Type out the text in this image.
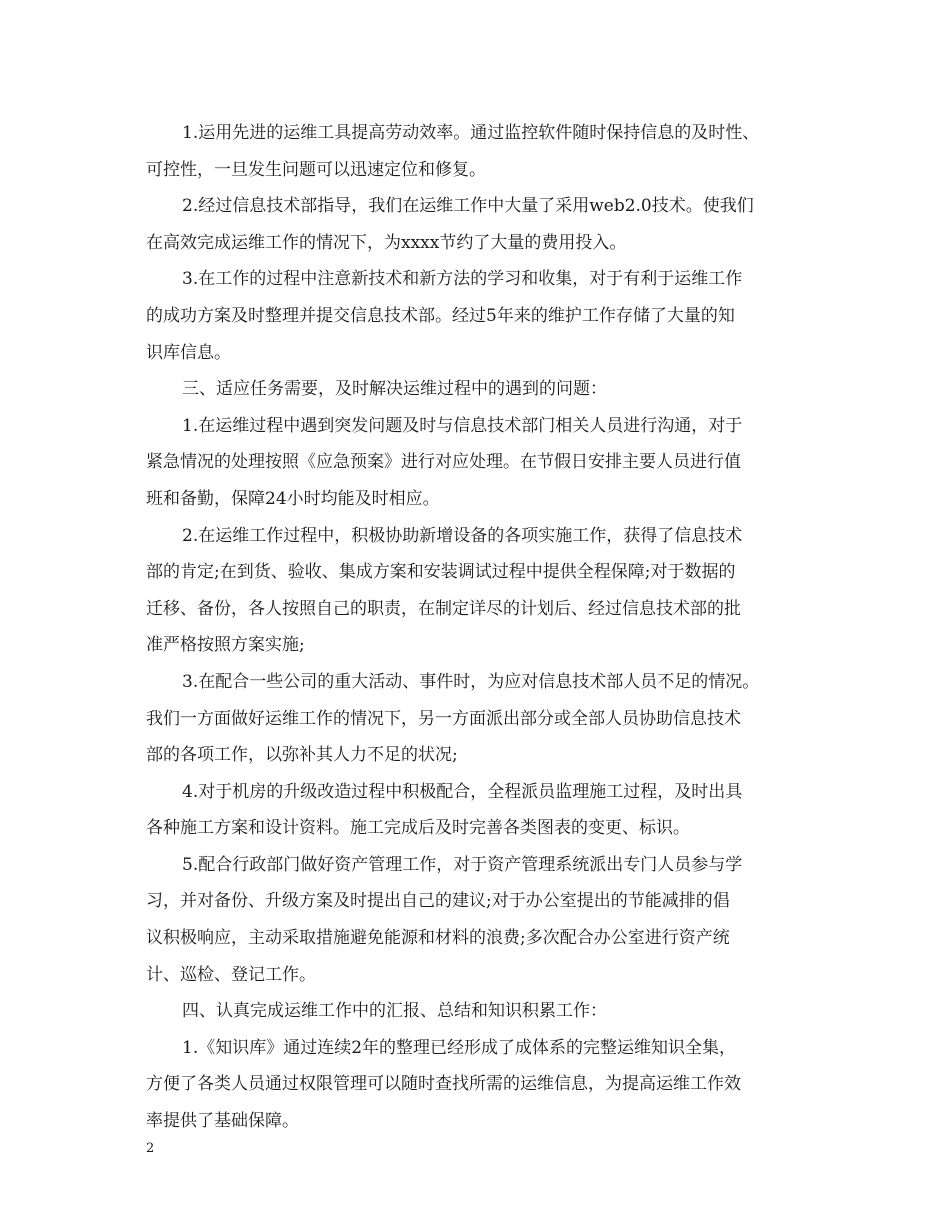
1.运用先进的运维工具提高劳动效率。通过监控软件随时保持信息的及时性、
可控性，一旦发生问题可以迅速定位和修复。
2.经过信息技术部指导，我们在运维工作中大量了采用web2.0技术。使我们
在高效完成运维工作的情况下，为xxxx节约了大量的费用投入。
3.在工作的过程中注意新技术和新方法的学习和收集，对于有利于运维工作
的成功方案及时整理并提交信息技术部。经过5年来的维护工作存储了大量的知
识库信息。
三、适应任务需要，及时解决运维过程中的遇到的问题：
1.在运维过程中遇到突发问题及时与信息技术部门相关人员进行沟通，对于
紧急情况的处理按照《应急预案》进行对应处理。在节假日安排主要人员进行值
班和备勤，保障24小时均能及时相应。
2.在运维工作过程中，积极协助新增设备的各项实施工作，获得了信息技术
部的肯定;在到货、验收、集成方案和安装调试过程中提供全程保障;对于数据的
迁移、备份，各人按照自己的职责，在制定详尽的计划后、经过信息技术部的批
准严格按照方案实施;
3.在配合一些公司的重大活动、事件时，为应对信息技术部人员不足的情况。
我们一方面做好运维工作的情况下，另一方面派出部分或全部人员协助信息技术
部的各项工作，以弥补其人力不足的状况;
4.对于机房的升级改造过程中积极配合，全程派员监理施工过程，及时出具
各种施工方案和设计资料。施工完成后及时完善各类图表的变更、标识。
5.配合行政部门做好资产管理工作，对于资产管理系统派出专门人员参与学
习，并对备份、升级方案及时提出自己的建议;对于办公室提出的节能减排的倡
议积极响应，主动采取措施避免能源和材料的浪费;多次配合办公室进行资产统
计、巡检、登记工作。
四、认真完成运维工作中的汇报、总结和知识积累工作：
1.《知识库》通过连续2年的整理已经形成了成体系的完整运维知识全集，
方便了各类人员通过权限管理可以随时查找所需的运维信息，为提高运维工作效
率提供了基础保障。
2
